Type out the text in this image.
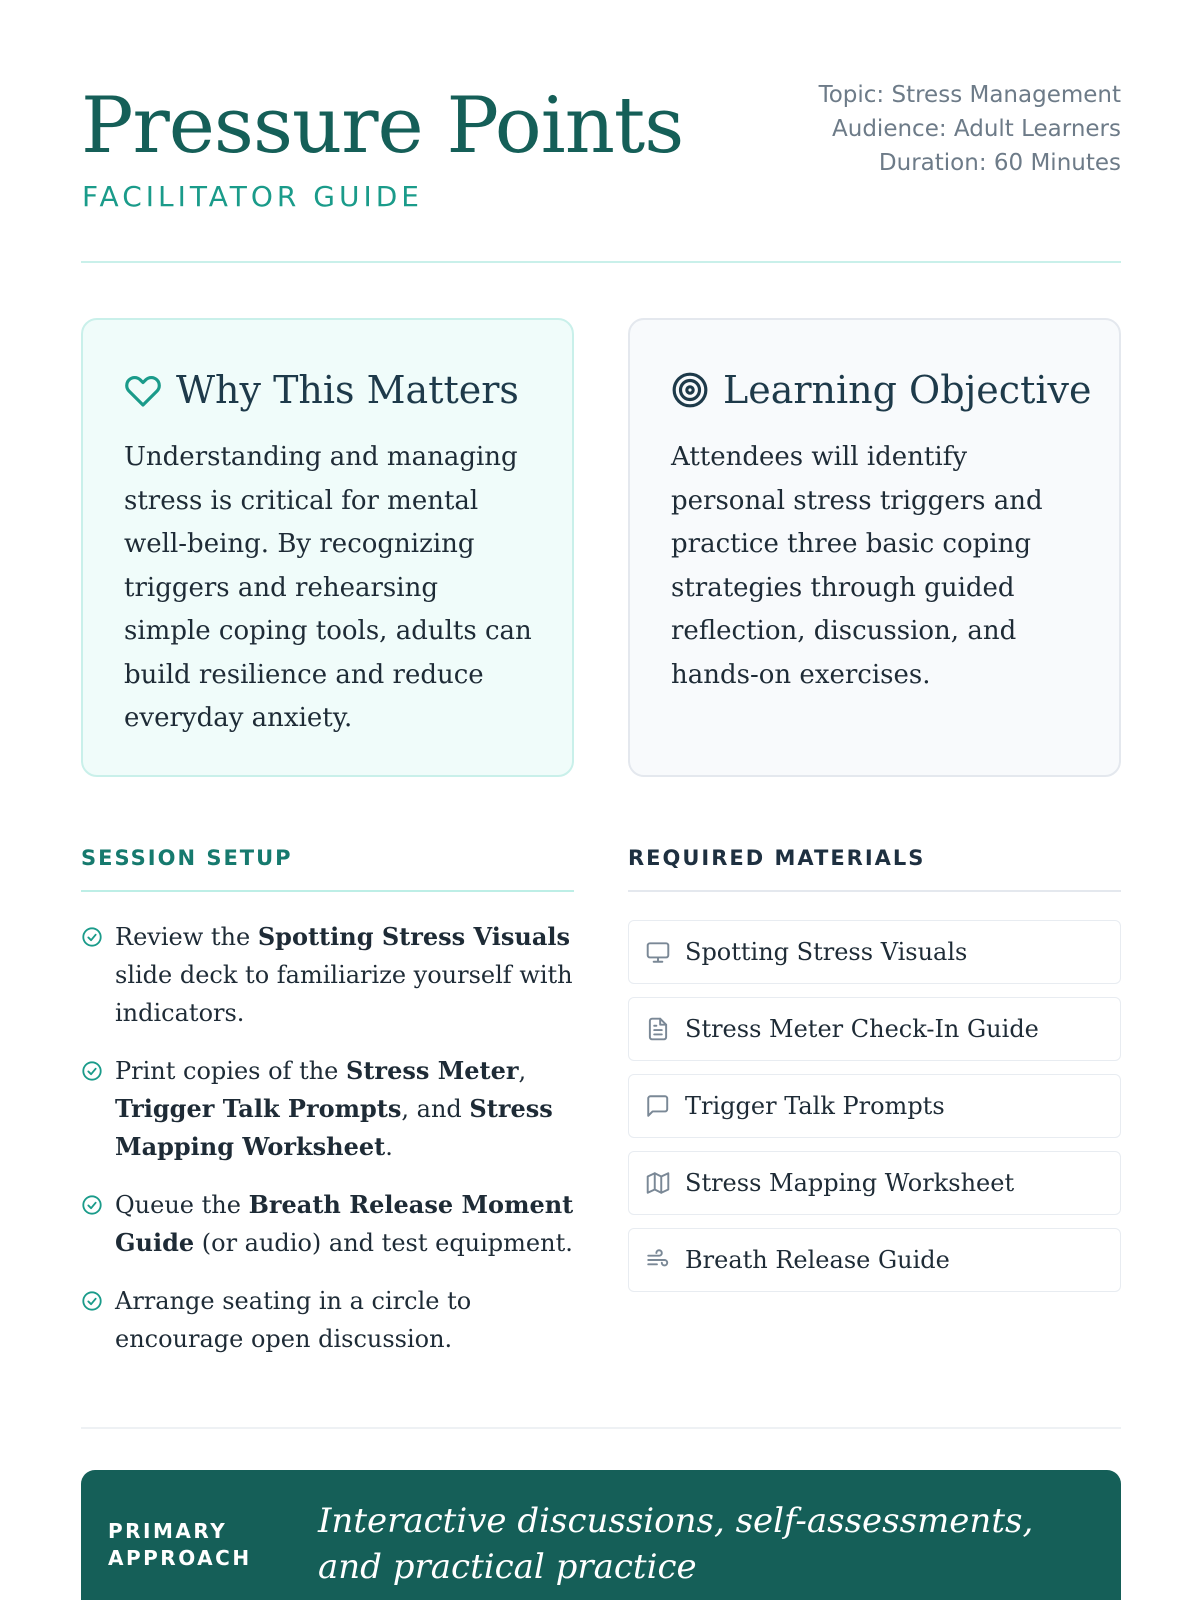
Pressure Points
FACILITATOR GUIDE
Topic: Stress Management
Audience: Adult Learners
Duration: 60 Minutes
Why This Matters
Understanding and managing stress is critical for mental well-being. By recognizing triggers and rehearsing simple coping tools, adults can build resilience and reduce everyday anxiety.
Learning Objective
Attendees will identify personal stress triggers and practice three basic coping strategies through guided reflection, discussion, and hands-on exercises.
SESSION SETUP	REQUIRED MATERIALS
Review the Spotting Stress Visuals slide deck to familiarize yourself with indicators.
Print copies of the Stress Meter, Trigger Talk Prompts, and Stress Mapping Worksheet.
Queue the Breath Release Moment Guide (or audio) and test equipment.
Arrange seating in a circle to encourage open discussion.
Spotting Stress Visuals
Stress Meter Check-In Guide
Trigger Talk Prompts
Stress Mapping Worksheet
Breath Release Guide
PRIMARY
APPROACH
Interactive discussions, self-assessments, and practical practice
